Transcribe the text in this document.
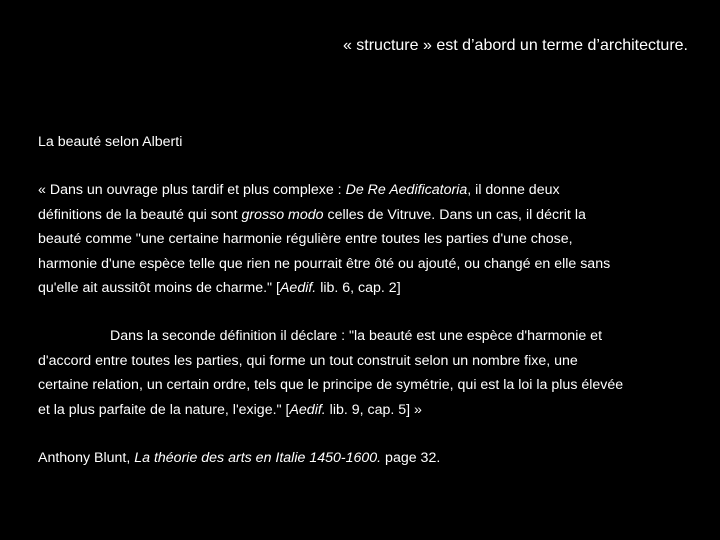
« structure » est d’abord un terme d’architecture.

La beauté selon Alberti

« Dans un ouvrage plus tardif et plus complexe : De Re Aedificatoria, il donne deux
définitions de la beauté qui sont grosso modo celles de Vitruve. Dans un cas, il décrit la
beauté comme "une certaine harmonie régulière entre toutes les parties d'une chose,
harmonie d'une espèce telle que rien ne pourrait être ôté ou ajouté, ou changé en elle sans
qu'elle ait aussitôt moins de charme." [Aedif. lib. 6, cap. 2]

Dans la seconde définition il déclare : "la beauté est une espèce d'harmonie et
d'accord entre toutes les parties, qui forme un tout construit selon un nombre fixe, une
certaine relation, un certain ordre, tels que le principe de symétrie, qui est la loi la plus élevée
et la plus parfaite de la nature, l'exige." [Aedif. lib. 9, cap. 5] »

Anthony Blunt, La théorie des arts en Italie 1450-1600. page 32.
